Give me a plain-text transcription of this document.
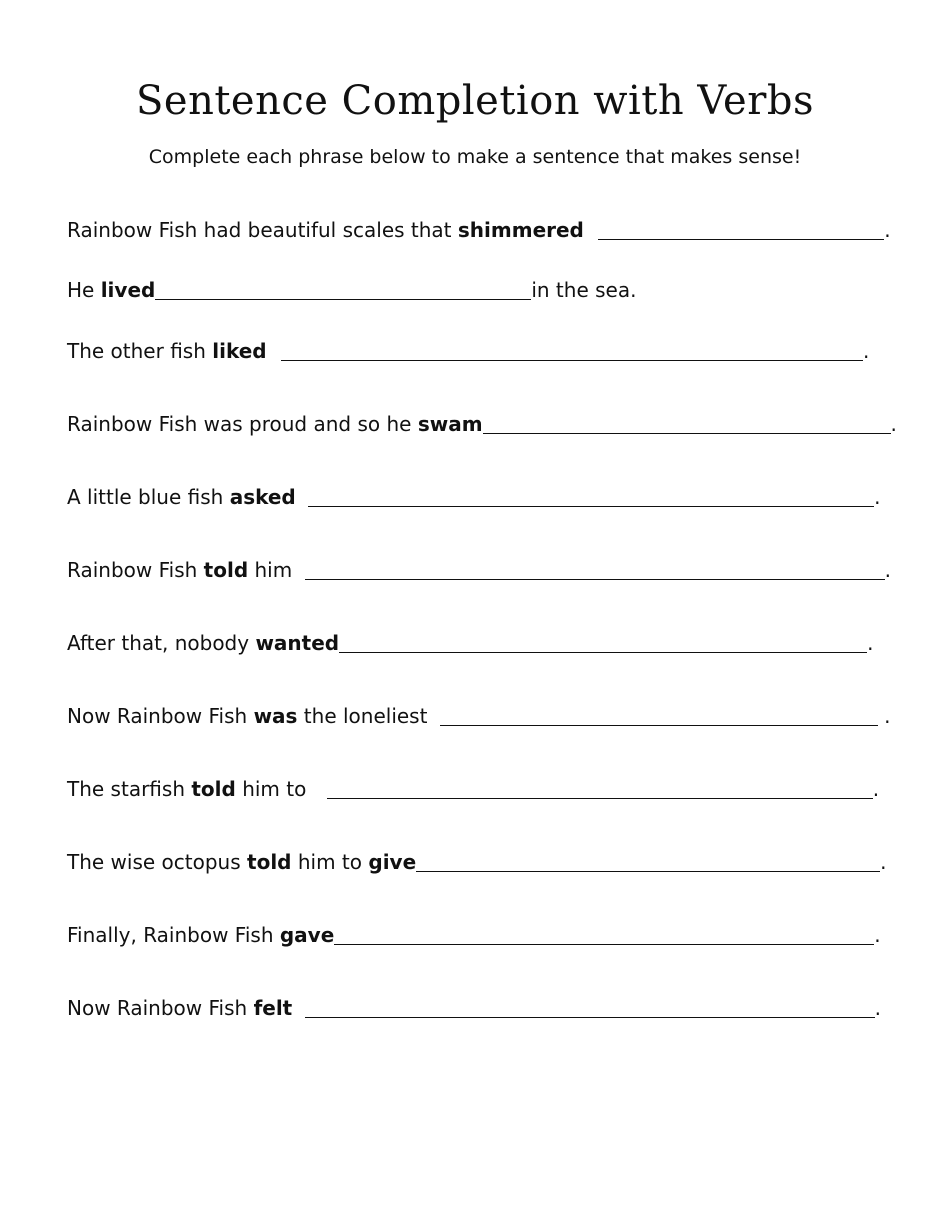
Sentence Completion with Verbs

Complete each phrase below to make a sentence that makes sense!

Rainbow Fish had beautiful scales that shimmered
	.
He lived	in the sea.
The other fish liked
	.
Rainbow Fish was proud and so he swam	.
A little blue fish asked
	.
Rainbow Fish told him	.
After that, nobody wanted	.
Now Rainbow Fish was the loneliest	.
The starfish told him to	.
The wise octopus told him to give	.
Finally, Rainbow Fish gave	.
Now Rainbow Fish felt
	.
